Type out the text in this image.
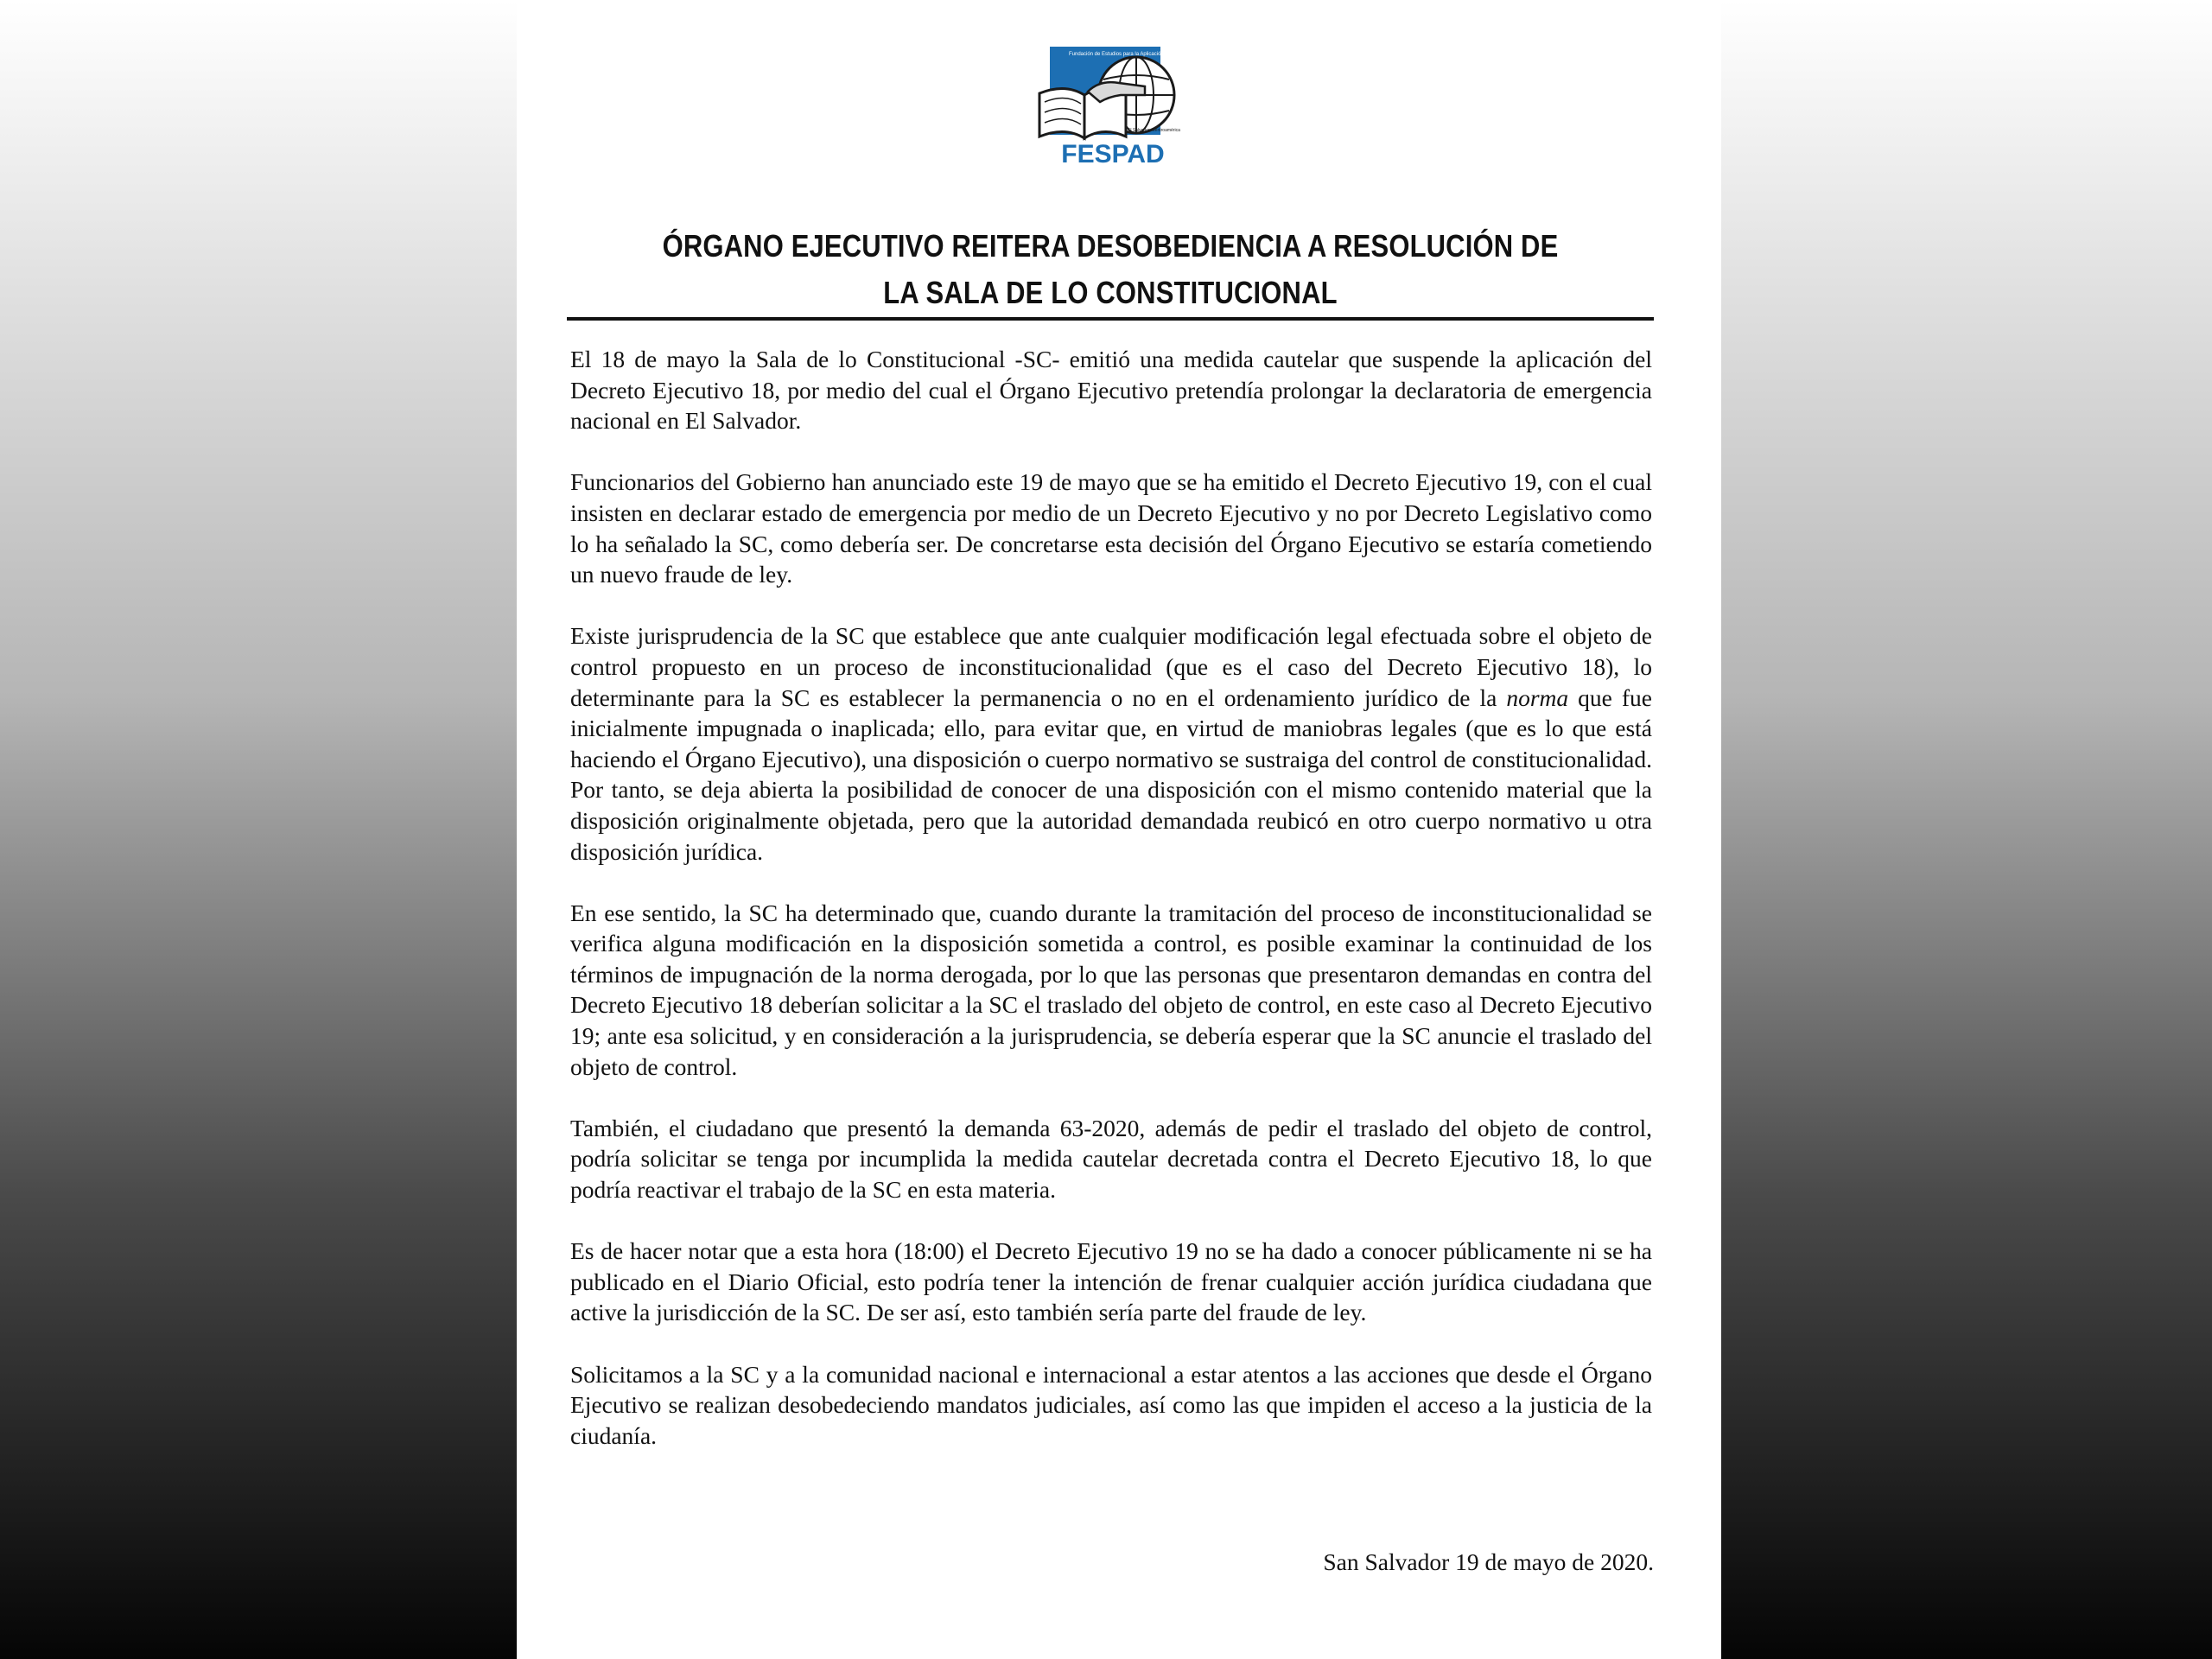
Fundación de Estudios para la Aplicación del Derecho
El Salvador, Centroamérica
FESPAD
ÓRGANO EJECUTIVO REITERA DESOBEDIENCIA A RESOLUCIÓN DE LA SALA DE LO CONSTITUCIONAL

El 18 de mayo la Sala de lo Constitucional -SC- emitió una medida cautelar que suspende la aplicación del Decreto Ejecutivo 18, por medio del cual el Órgano Ejecutivo pretendía prolongar la declaratoria de emergencia nacional en El Salvador.

Funcionarios del Gobierno han anunciado este 19 de mayo que se ha emitido el Decreto Ejecutivo 19, con el cual insisten en declarar estado de emergencia por medio de un Decreto Ejecutivo y no por Decreto Legislativo como lo ha señalado la SC, como debería ser. De concretarse esta decisión del Órgano Ejecutivo se estaría cometiendo un nuevo fraude de ley.

Existe jurisprudencia de la SC que establece que ante cualquier modificación legal efectuada sobre el objeto de control propuesto en un proceso de inconstitucionalidad (que es el caso del Decreto Ejecutivo 18), lo determinante para la SC es establecer la permanencia o no en el ordenamiento jurídico de la norma que fue inicialmente impugnada o inaplicada; ello, para evitar que, en virtud de maniobras legales (que es lo que está haciendo el Órgano Ejecutivo), una disposición o cuerpo normativo se sustraiga del control de constitucionalidad. Por tanto, se deja abierta la posibilidad de conocer de una disposición con el mismo contenido material que la disposición originalmente objetada, pero que la autoridad demandada reubicó en otro cuerpo normativo u otra disposición jurídica.

En ese sentido, la SC ha determinado que, cuando durante la tramitación del proceso de inconstitucionalidad se verifica alguna modificación en la disposición sometida a control, es posible examinar la continuidad de los términos de impugnación de la norma derogada, por lo que las personas que presentaron demandas en contra del Decreto Ejecutivo 18 deberían solicitar a la SC el traslado del objeto de control, en este caso al Decreto Ejecutivo 19; ante esa solicitud, y en consideración a la jurisprudencia, se debería esperar que la SC anuncie el traslado del objeto de control.

También, el ciudadano que presentó la demanda 63-2020, además de pedir el traslado del objeto de control, podría solicitar se tenga por incumplida la medida cautelar decretada contra el Decreto Ejecutivo 18, lo que podría reactivar el trabajo de la SC en esta materia.

Es de hacer notar que a esta hora (18:00) el Decreto Ejecutivo 19 no se ha dado a conocer públicamente ni se ha publicado en el Diario Oficial, esto podría tener la intención de frenar cualquier acción jurídica ciudadana que active la jurisdicción de la SC. De ser así, esto también sería parte del fraude de ley.

Solicitamos a la SC y a la comunidad nacional e internacional a estar atentos a las acciones que desde el Órgano Ejecutivo se realizan desobedeciendo mandatos judiciales, así como las que impiden el acceso a la justicia de la ciudanía.

San Salvador 19 de mayo de 2020.
